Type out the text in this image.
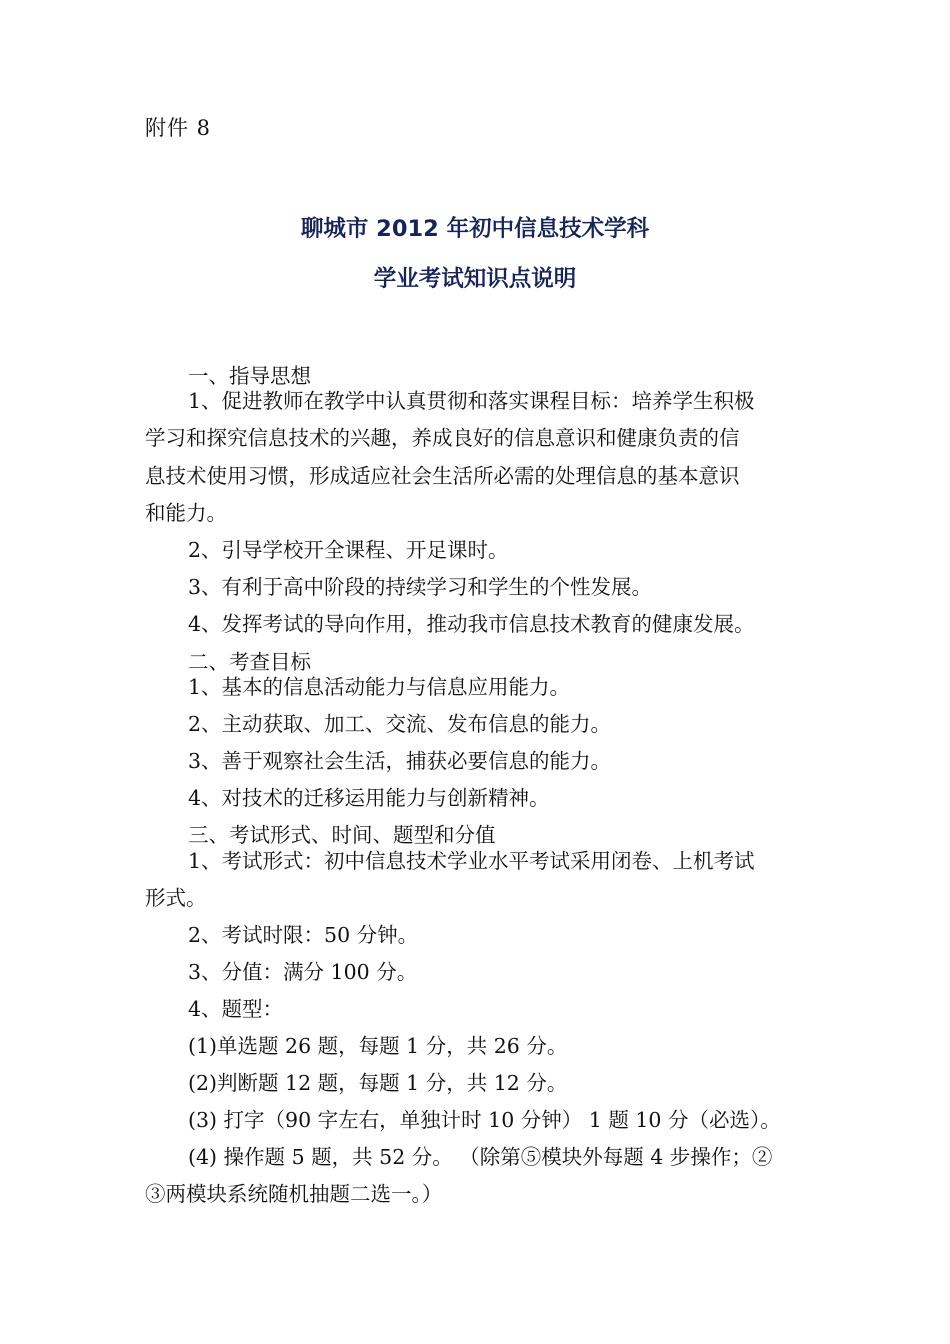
附件 8
聊城市 2012 年初中信息技术学科
学业考试知识点说明
一、指导思想
1、促进教师在教学中认真贯彻和落实课程目标：培养学生积极
学习和探究信息技术的兴趣，养成良好的信息意识和健康负责的信
息技术使用习惯，形成适应社会生活所必需的处理信息的基本意识
和能力。
2、引导学校开全课程、开足课时。
3、有利于高中阶段的持续学习和学生的个性发展。
4、发挥考试的导向作用，推动我市信息技术教育的健康发展。
二、考查目标
1、基本的信息活动能力与信息应用能力。
2、主动获取、加工、交流、发布信息的能力。
3、善于观察社会生活，捕获必要信息的能力。
4、对技术的迁移运用能力与创新精神。
三、考试形式、时间、题型和分值
1、考试形式：初中信息技术学业水平考试采用闭卷、上机考试
形式。
2、考试时限：50 分钟。
3、分值：满分 100 分。
4、题型：
(1)单选题 26 题，每题 1 分，共 26 分。
(2)判断题 12 题，每题 1 分，共 12 分。
(3) 打字（90 字左右，单独计时 10 分钟） 1 题 10 分（必选）。
(4) 操作题 5 题，共 52 分。 （除第⑤模块外每题 4 步操作；②
③两模块系统随机抽题二选一。）
